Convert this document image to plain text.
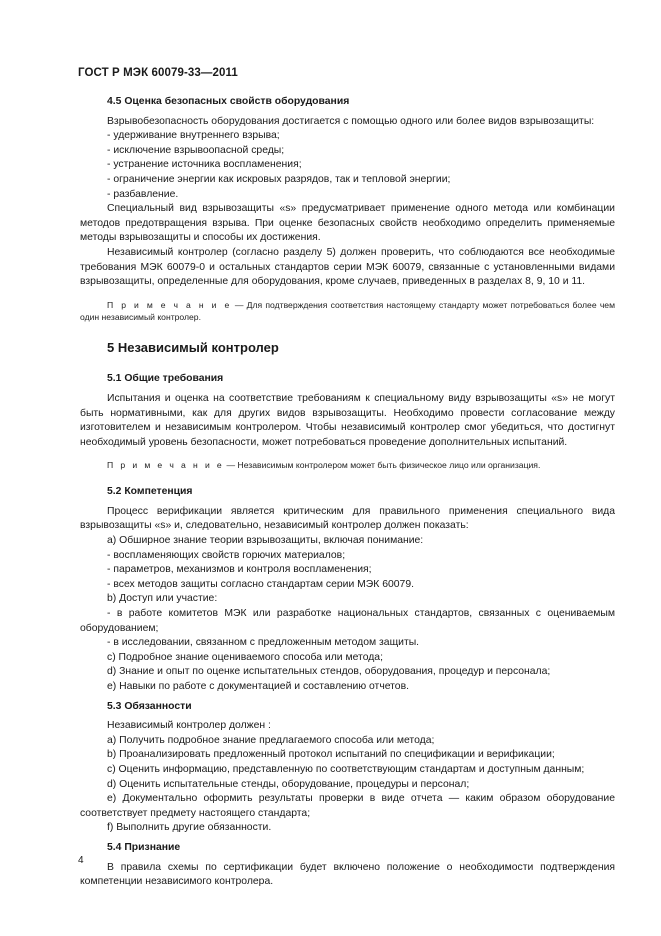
ГОСТ Р МЭК 60079-33—2011

4.5 Оценка безопасных свойств оборудования

Взрывобезопасность оборудования достигается с помощью одного или более видов взрывозащиты:

- удерживание внутреннего взрыва;

- исключение взрывоопасной среды;

- устранение источника воспламенения;

- ограничение энергии как искровых разрядов, так и тепловой энергии;

- разбавление.

Специальный вид взрывозащиты «s» предусматривает применение одного метода или комбинации методов предотвращения взрыва. При оценке безопасных свойств необходимо определить применяемые методы взрывозащиты и способы их достижения.

Независимый контролер (согласно разделу 5) должен проверить, что соблюдаются все необходимые требования МЭК 60079-0 и остальных стандартов серии МЭК 60079, связанные с установленными видами взрывозащиты, определенные для оборудования, кроме случаев, приведенных в разделах 8, 9, 10 и 11.

П р и м е ч а н и е — Для подтверждения соответствия настоящему стандарту может потребоваться более чем один независимый контролер.

5 Независимый контролер

5.1 Общие требования

Испытания и оценка на соответствие требованиям к специальному виду взрывозащиты «s» не могут быть нормативными, как для других видов взрывозащиты. Необходимо провести согласование между изготовителем и независимым контролером. Чтобы независимый контролер смог убедиться, что достигнут необходимый уровень безопасности, может потребоваться проведение дополнительных испытаний.

П р и м е ч а н и е — Независимым контролером может быть физическое лицо или организация.

5.2 Компетенция

Процесс верификации является критическим для правильного применения специального вида взрывозащиты «s» и, следовательно, независимый контролер должен показать:

a) Обширное знание теории взрывозащиты, включая понимание:

- воспламеняющих свойств горючих материалов;

- параметров, механизмов и контроля воспламенения;

- всех методов защиты согласно стандартам серии МЭК 60079.

b) Доступ или участие:

- в работе комитетов МЭК или разработке национальных стандартов, связанных с оцениваемым оборудованием;

- в исследовании, связанном с предложенным методом защиты.

c) Подробное знание оцениваемого способа или метода;

d) Знание и опыт по оценке испытательных стендов, оборудования, процедур и персонала;

e) Навыки по работе с документацией и составлению отчетов.

5.3 Обязанности

Независимый контролер должен :

a) Получить подробное знание предлагаемого способа или метода;

b) Проанализировать предложенный протокол испытаний по спецификации и верификации;

c) Оценить информацию, представленную по соответствующим стандартам и доступным данным;

d) Оценить испытательные стенды, оборудование, процедуры и персонал;

e) Документально оформить результаты проверки в виде отчета — каким образом оборудование соответствует предмету настоящего стандарта;

f) Выполнить другие обязанности.

5.4 Признание

В правила схемы по сертификации будет включено положение о необходимости подтверждения компетенции независимого контролера.

4
